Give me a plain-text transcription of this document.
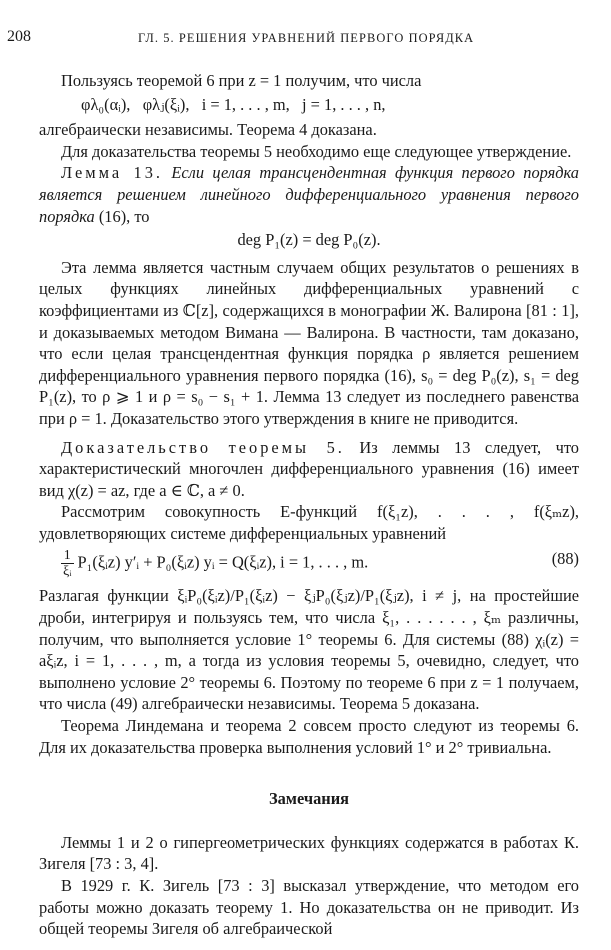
208	ГЛ. 5. РЕШЕНИЯ УРАВНЕНИЙ ПЕРВОГО ПОРЯДКА

Пользуясь теоремой 6 при z = 1 получим, что числа

φλ₀(αᵢ),   φλⱼ(ξᵢ),   i = 1, . . . , m,   j = 1, . . . , n,

алгебраически независимы. Теорема 4 доказана.

Для доказательства теоремы 5 необходимо еще следующее утверждение.

Лемма 13. Если целая трансцендентная функция первого порядка является решением линейного дифференциального уравнения первого порядка (16), то

deg P₁(z) = deg P₀(z).

Эта лемма является частным случаем общих результатов о решениях в целых функциях линейных дифференциальных уравнений с коэффициентами из ℂ[z], содержащихся в монографии Ж. Валирона [81 : 1], и доказываемых методом Вимана — Валирона. В частности, там доказано, что если целая трансцендентная функция порядка ρ является решением дифференциального уравнения первого порядка (16), s₀ = deg P₀(z), s₁ = deg P₁(z), то ρ ⩾ 1 и ρ = s₀ − s₁ + 1. Лемма 13 следует из последнего равенства при ρ = 1. Доказательство этого утверждения в книге не приводится.

Доказательство теоремы 5. Из леммы 13 следует, что характеристический многочлен дифференциального уравнения (16) имеет вид χ(z) = az, где a ∈ ℂ, a ≠ 0.

Рассмотрим совокупность E-функций f(ξ₁z), . . . , f(ξₘz), удовлетворяющих системе дифференциальных уравнений

$\frac{1}{\text{ξᵢ}}$ P₁(ξᵢz) y′ᵢ + P₀(ξᵢz) yᵢ = Q(ξᵢz), i = 1, . . . , m.	(88)

Разлагая функции ξᵢP₀(ξᵢz)/P₁(ξᵢz) − ξⱼP₀(ξⱼz)/P₁(ξⱼz), i ≠ j, на простейшие дроби, интегрируя и пользуясь тем, что числа ξ₁, . . . . . . , ξₘ различны, получим, что выполняется условие 1° теоремы 6. Для системы (88) χᵢ(z) = aξᵢz, i = 1, . . . , m, а тогда из условия теоремы 5, очевидно, следует, что выполнено условие 2° теоремы 6. Поэтому по теореме 6 при z = 1 получаем, что числа (49) алгебраически независимы. Теорема 5 доказана.

Теорема Линдемана и теорема 2 совсем просто следуют из теоремы 6. Для их доказательства проверка выполнения условий 1° и 2° тривиальна.

Замечания

Леммы 1 и 2 о гипергеометрических функциях содержатся в работах К. Зигеля [73 : 3, 4].

В 1929 г. К. Зигель [73 : 3] высказал утверждение, что методом его работы можно доказать теорему 1. Но доказательства он не приводит. Из общей теоремы Зигеля об алгебраической
